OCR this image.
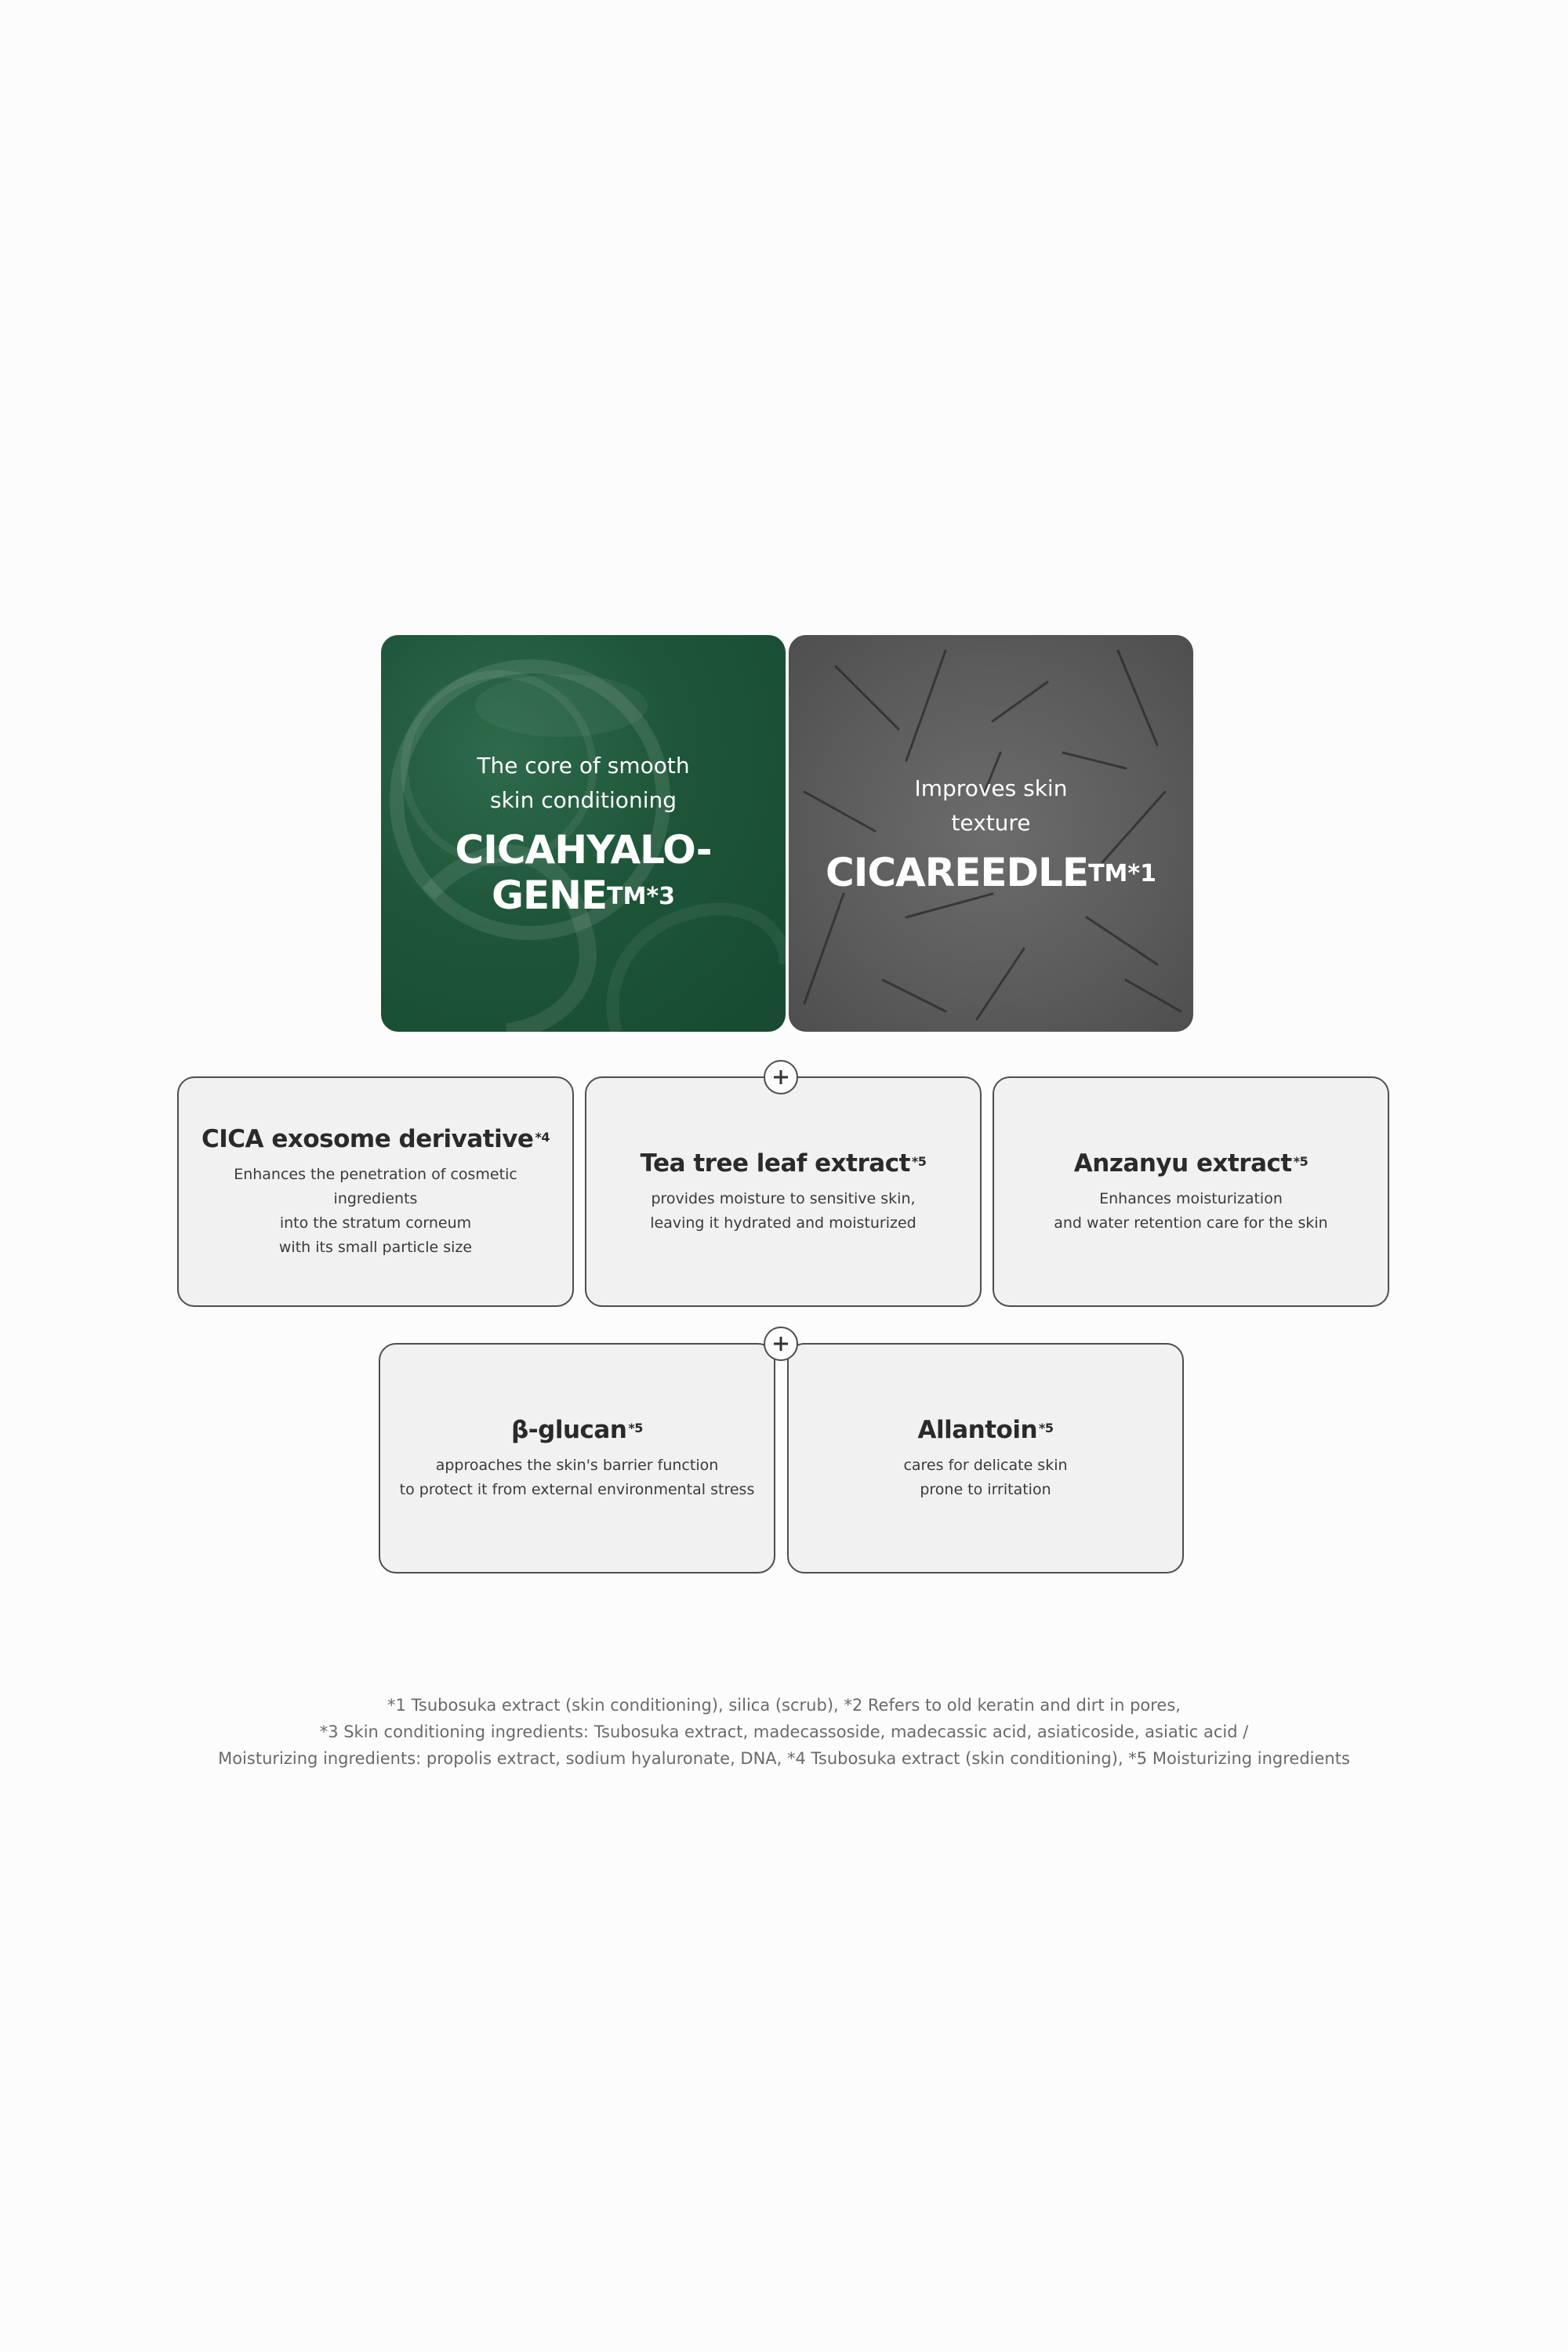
The core of smooth skin conditioning
CICAHYALO-$GENE^{TM*3}$
Improves skin texture
$CICAREEDLE^{TM*1}$
CICA exosome derivative $^{*4}$
Enhances the penetration of cosmetic ingredients
into the stratum corneum
with its small particle size
Tea tree leaf extract $^{*5}$
provides moisture to sensitive skin,
leaving it hydrated and moisturized
Anzanyu extract $^{*5}$
Enhances moisturization
and water retention care for the skin
β-glucan $^{*5}$
approaches the skin's barrier function
to protect it from external environmental stress
Allantoin $^{*5}$
cares for delicate skin
prone to irritation
*1 Tsubosuka extract (skin conditioning), silica (scrub), *2 Refers to old keratin and dirt in pores,
*3 Skin conditioning ingredients: Tsubosuka extract, madecassoside, madecassic acid, asiaticoside, asiatic acid /
Moisturizing ingredients: propolis extract, sodium hyaluronate, DNA, *4 Tsubosuka extract (skin conditioning), *5 Moisturizing ingredients
